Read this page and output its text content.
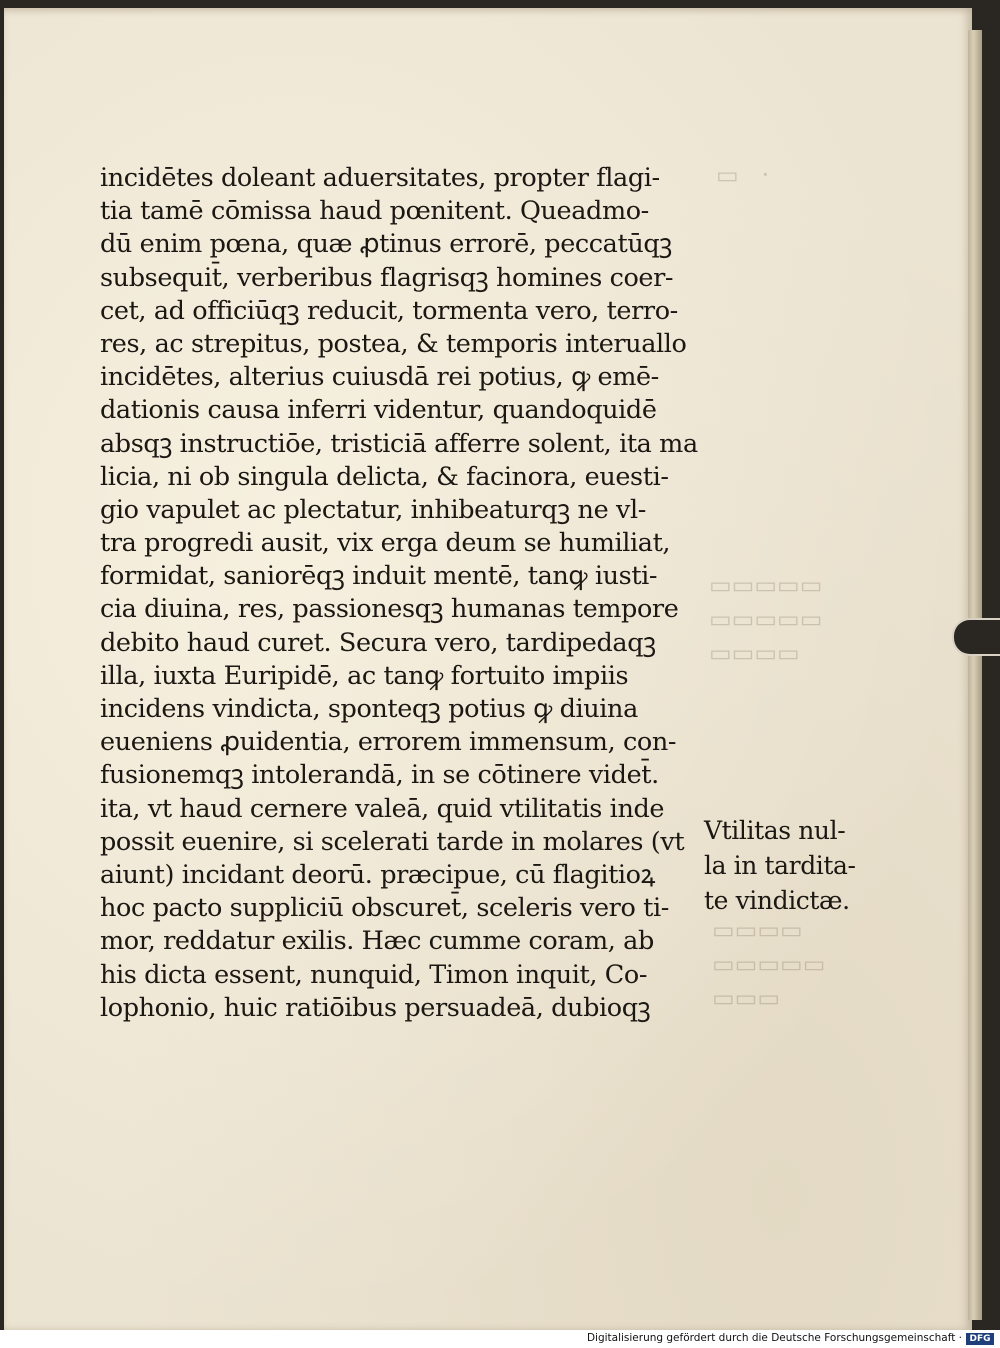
▭   ·
▭▭▭▭▭
▭▭▭▭▭
▭▭▭▭
▭▭▭▭
▭▭▭▭▭
▭▭▭
incidētes doleant aduersitates, propter flagi‑
tia tamē cōmissa haud pœnitent. Queadmo‑
dū enim pœna, quæ ꝓtinus errorē, peccatūqꝫ
subsequit̄, verberibus flagrisqꝫ homines coer‑
cet, ad officiūqꝫ reducit, tormenta vero, terro‑
res, ac strepitus, postea, & temporis interuallo
incidētes, alterius cuiusdā rei potius, ꝙ emē‑
dationis causa inferri videntur, quandoquidē
absqꝫ instructiōe, tristiciā afferre solent, ita ma
licia, ni ob singula delicta, & facinora, euesti‑
gio vapulet ac plectatur, inhibeaturqꝫ ne vl‑
tra progredi ausit, vix erga deum se humiliat,
formidat, saniorēqꝫ induit mentē, tanꝙ iusti‑
cia diuina, res, passionesqꝫ humanas tempore
debito haud curet. Secura vero, tardipedaqꝫ
illa, iuxta Euripidē, ac tanꝙ fortuito impiis
incidens vindicta, sponteqꝫ potius ꝙ diuina
eueniens ꝓuidentia, errorem immensum, con‑
fusionemqꝫ intolerandā, in se cōtinere videt̄.
ita, vt haud cernere valeā, quid vtilitatis inde
possit euenire, si scelerati tarde in molares (vt
aiunt) incidant deorū. præcipue, cū flagitioꝝ
hoc pacto suppliciū obscuret̄, sceleris vero ti‑
mor, reddatur exilis. Hæc cumme coram, ab
his dicta essent, nunquid, Timon inquit, Co‑
lophonio, huic ratiōibus persuadeā, dubioqꝫ
Vtilitas nul‑
la in tardita‑
te vindictæ.
Digitalisierung gefördert durch die Deutsche Forschungsgemeinschaft · DFG
